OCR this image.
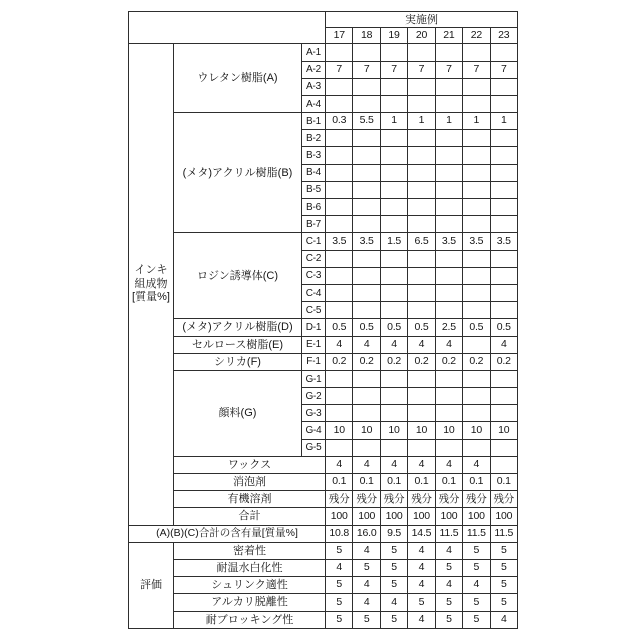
			実施例						
			17	18	19	20	21	22	23

インキ
組成物
[質量%]	ウレタン樹脂(A)	A-1							
		A-2	7	7	7	7	7	7	7
		A-3							
		A-4							
	(メタ)アクリル樹脂(B)	B-1	0.3	5.5	1	1	1	1	1
		B-2							
		B-3							
		B-4							
		B-5							
		B-6							
		B-7							
	ロジン誘導体(C)	C-1	3.5	3.5	1.5	6.5	3.5	3.5	3.5
		C-2							
		C-3							
		C-4							
		C-5							
	(メタ)アクリル樹脂(D)	D-1	0.5	0.5	0.5	0.5	2.5	0.5	0.5
	セルロース樹脂(E)	E-1	4	4	4	4	4		4
	シリカ(F)	F-1	0.2	0.2	0.2	0.2	0.2	0.2	0.2
	顔料(G)	G-1							
		G-2							
		G-3							
		G-4	10	10	10	10	10	10	10
		G-5							
	ワックス		4	4	4	4	4	4	
	消泡剤		0.1	0.1	0.1	0.1	0.1	0.1	0.1
	有機溶剤		残分	残分	残分	残分	残分	残分	残分
	合計		100	100	100	100	100	100	100
(A)(B)(C)合計の含有量[質量%]			10.8	16.0	9.5	14.5	11.5	11.5	11.5
評価	密着性		5	4	5	4	4	5	5
	耐温水白化性		4	5	5	4	5	5	5
	シュリンク適性		5	4	5	4	4	4	5
	アルカリ脱離性		5	4	4	5	5	5	5
	耐ブロッキング性		5	5	5	4	5	5	4
